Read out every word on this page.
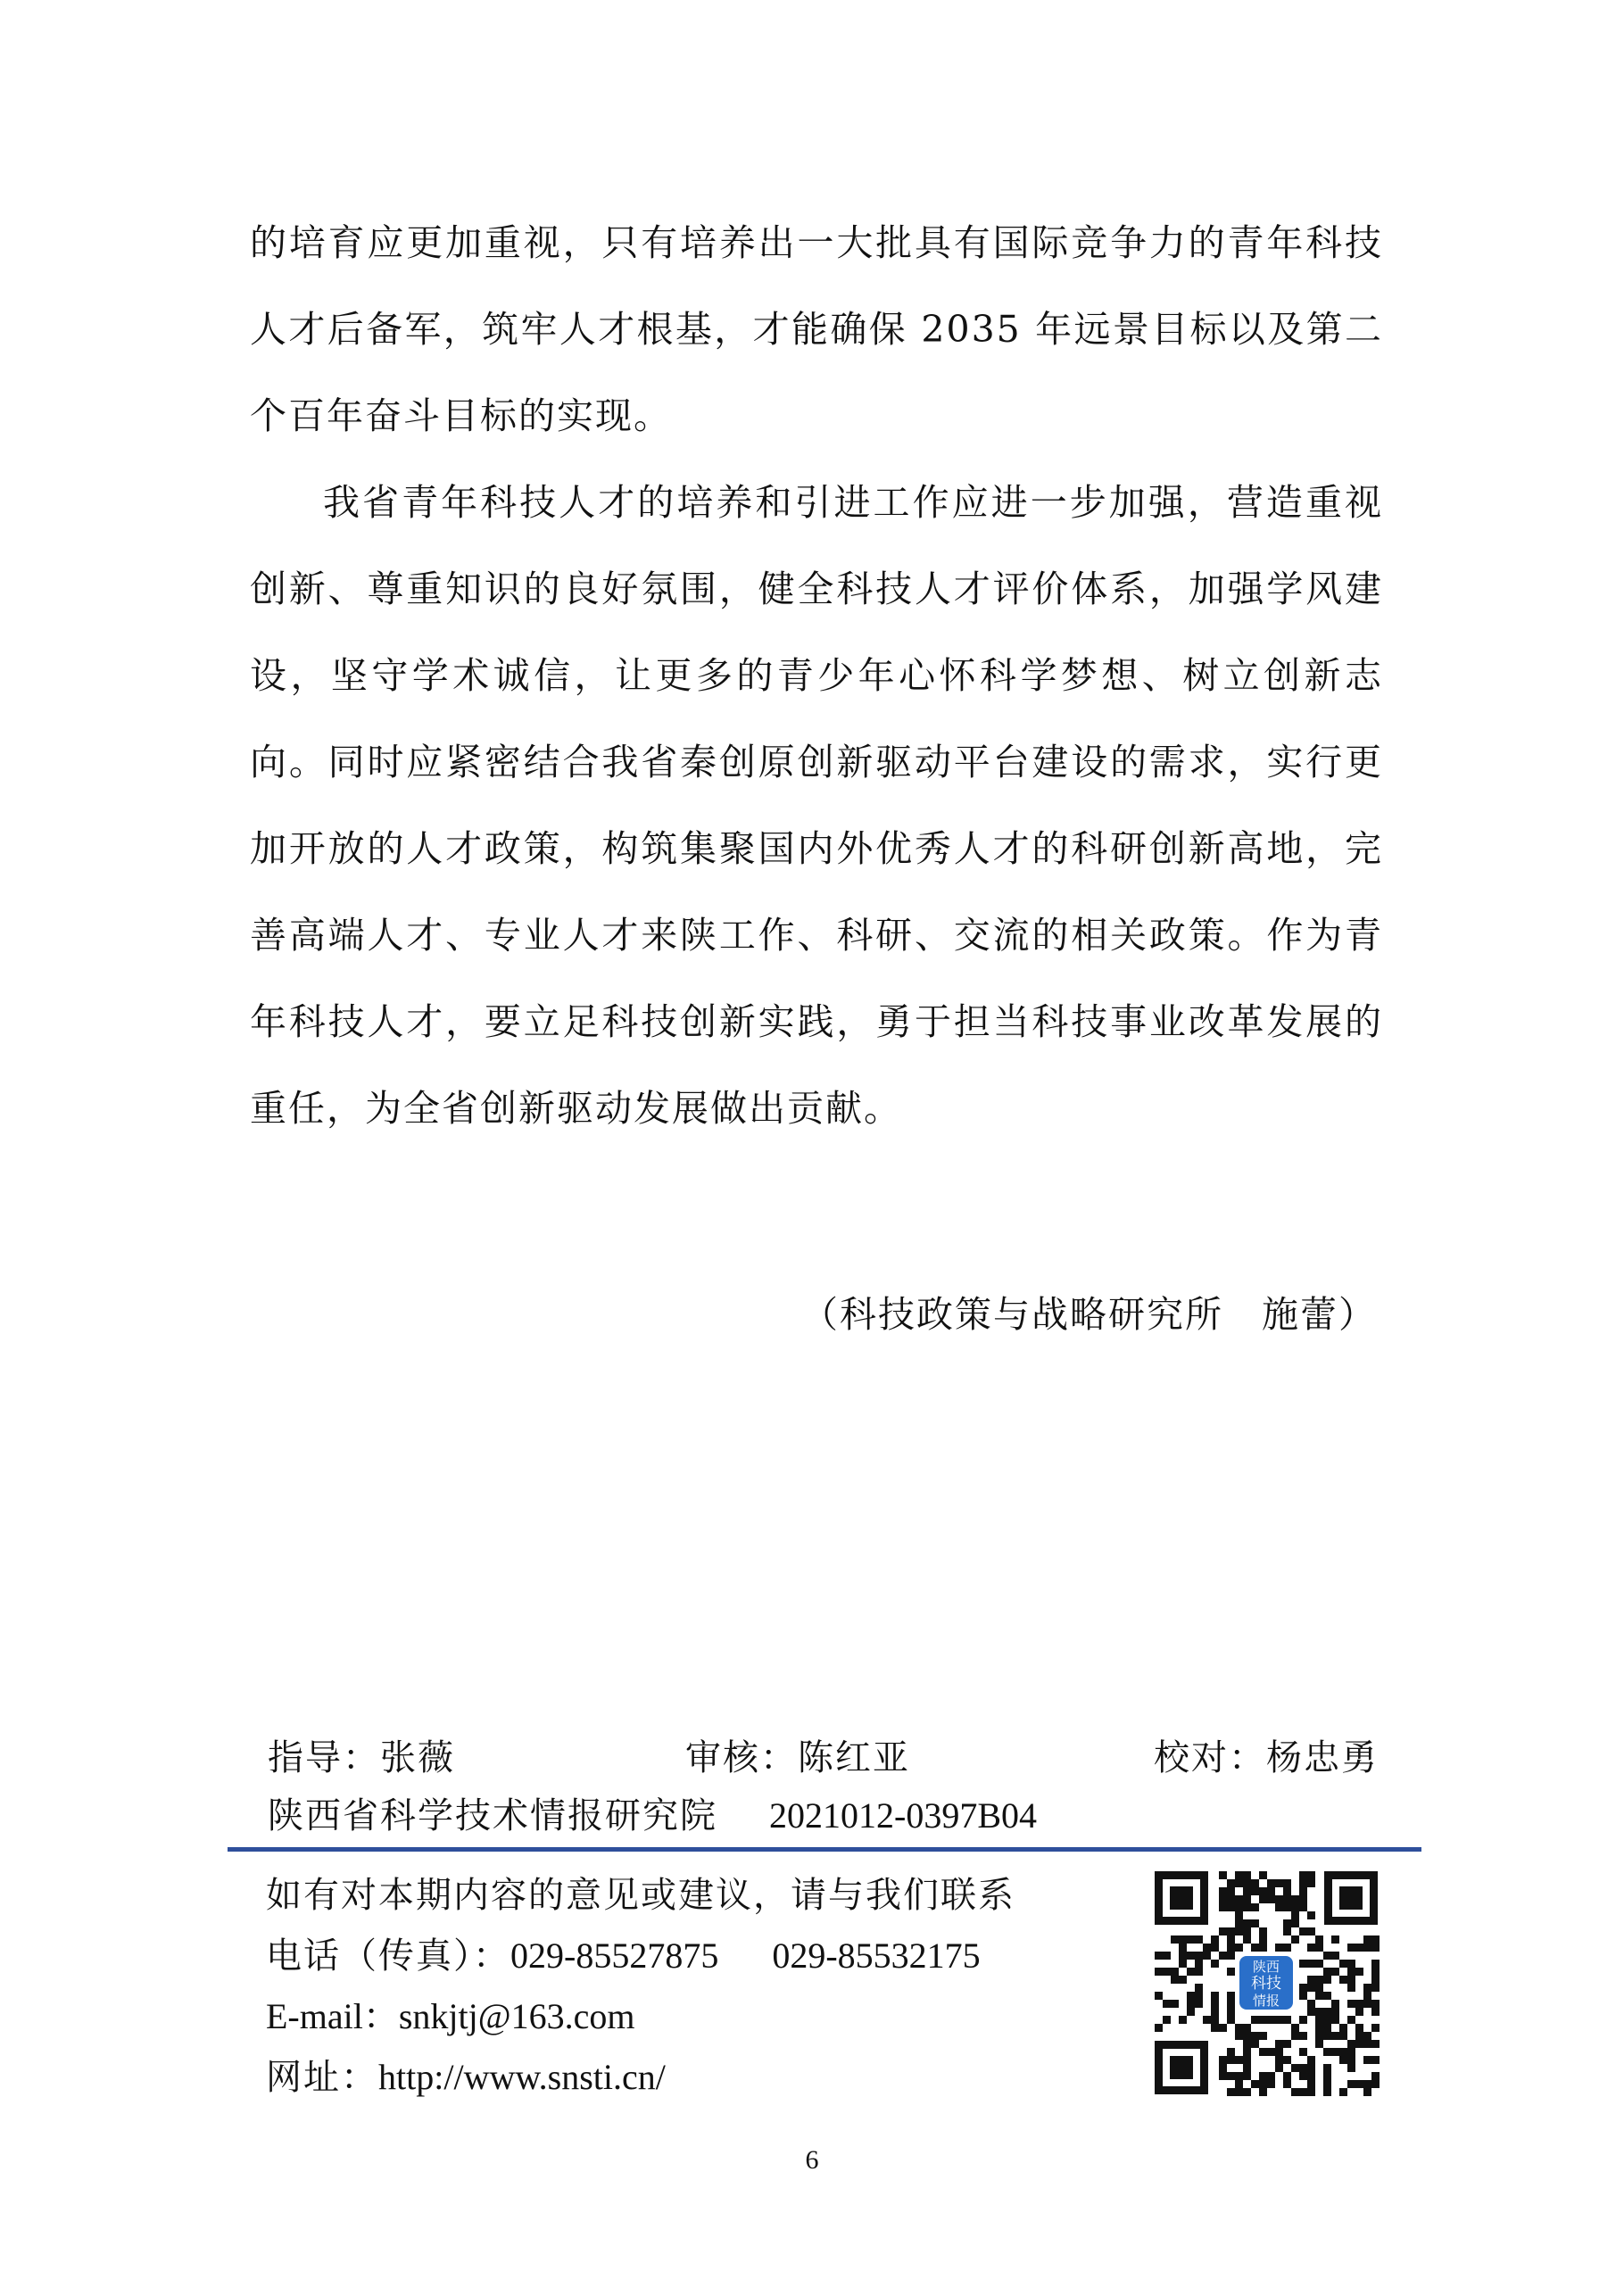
的培育应更加重视，只有培养出一大批具有国际竞争力的青年科技人才后备军，筑牢人才根基，才能确保 2035 年远景目标以及第二个百年奋斗目标的实现。

我省青年科技人才的培养和引进工作应进一步加强，营造重视创新、尊重知识的良好氛围，健全科技人才评价体系，加强学风建设，坚守学术诚信，让更多的青少年心怀科学梦想、树立创新志向。同时应紧密结合我省秦创原创新驱动平台建设的需求，实行更加开放的人才政策，构筑集聚国内外优秀人才的科研创新高地，完善高端人才、专业人才来陕工作、科研、交流的相关政策。作为青年科技人才，要立足科技创新实践，勇于担当科技事业改革发展的重任，为全省创新驱动发展做出贡献。

（科技政策与战略研究所　施蕾）
指导：张薇	审核：陈红亚	校对：杨忠勇
陕西省科学技术情报研究院 2021012-0397B04
如有对本期内容的意见或建议，请与我们联系
电话（传真）：029-85527875 029-85532175
E-mail：snkjtj@163.com
网址：http://www.snsti.cn/
陕西
科技
情报
6
